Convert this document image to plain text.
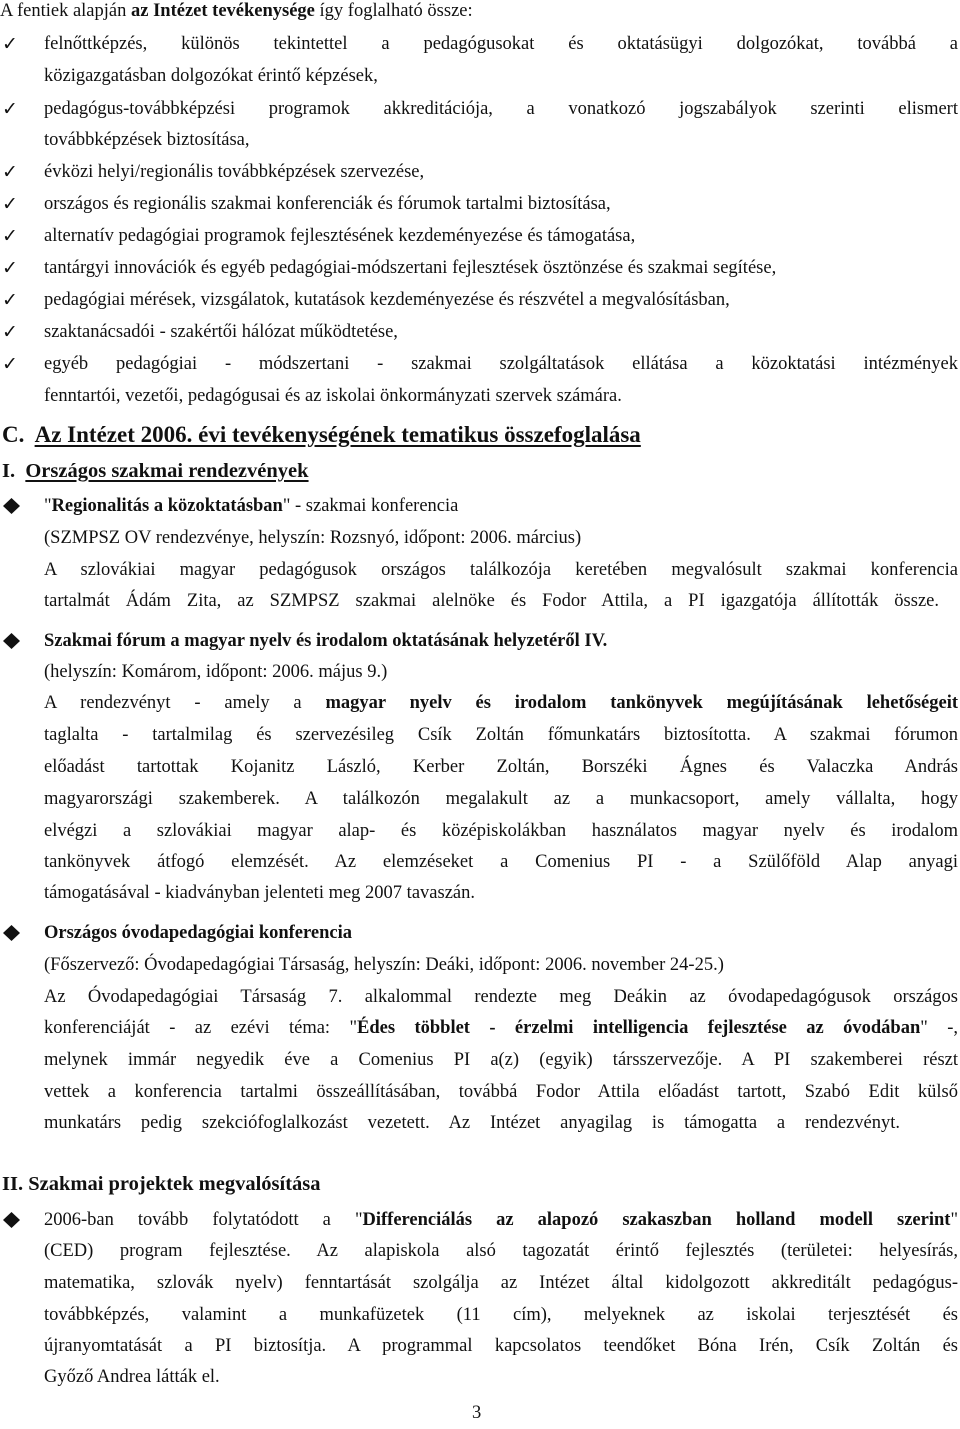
A fentiek alapján az Intézet tevékenysége így foglalható össze:
✓ felnőttképzés, különös tekintettel a pedagógusokat és oktatásügyi dolgozókat, továbbá a
közigazgatásban dolgozókat érintő képzések,
✓ pedagógus-továbbképzési programok akkreditációja, a vonatkozó jogszabályok szerinti elismert
továbbképzések biztosítása,
✓ évközi helyi/regionális továbbképzések szervezése,
✓ országos és regionális szakmai konferenciák és fórumok tartalmi biztosítása,
✓ alternatív pedagógiai programok fejlesztésének kezdeményezése és támogatása,
✓ tantárgyi innovációk és egyéb pedagógiai-módszertani fejlesztések ösztönzése és szakmai segítése,
✓ pedagógiai mérések, vizsgálatok, kutatások kezdeményezése és részvétel a megvalósításban,
✓ szaktanácsadói - szakértői hálózat működtetése,
✓ egyéb pedagógiai - módszertani - szakmai szolgáltatások ellátása a közoktatási intézmények
fenntartói, vezetői, pedagógusai és az iskolai önkormányzati szervek számára.
C. Az Intézet 2006. évi tevékenységének tematikus összefoglalása
I. Országos szakmai rendezvények
"Regionalitás a közoktatásban" - szakmai konferencia
(SZMPSZ OV rendezvénye, helyszín: Rozsnyó, időpont: 2006. március)
A szlovákiai magyar pedagógusok országos találkozója keretében megvalósult szakmai konferencia
tartalmát Ádám Zita, az SZMPSZ szakmai alelnöke és Fodor Attila, a PI igazgatója állították össze.
Szakmai fórum a magyar nyelv és irodalom oktatásának helyzetéről IV.
(helyszín: Komárom, időpont: 2006. május 9.)
A rendezvényt - amely a magyar nyelv és irodalom tankönyvek megújításának lehetőségeit
taglalta - tartalmilag és szervezésileg Csík Zoltán főmunkatárs biztosította. A szakmai fórumon
előadást tartottak Kojanitz László, Kerber Zoltán, Borszéki Ágnes és Valaczka András
magyarországi szakemberek. A találkozón megalakult az a munkacsoport, amely vállalta, hogy
elvégzi a szlovákiai magyar alap- és középiskolákban használatos magyar nyelv és irodalom
tankönyvek átfogó elemzését. Az elemzéseket a Comenius PI - a Szülőföld Alap anyagi
támogatásával - kiadványban jelenteti meg 2007 tavaszán.
Országos óvodapedagógiai konferencia
(Főszervező: Óvodapedagógiai Társaság, helyszín: Deáki, időpont: 2006. november 24-25.)
Az Óvodapedagógiai Társaság 7. alkalommal rendezte meg Deákin az óvodapedagógusok országos
konferenciáját - az ezévi téma: "Édes többlet - érzelmi intelligencia fejlesztése az óvodában" -,
melynek immár negyedik éve a Comenius PI a(z) (egyik) társszervezője. A PI szakemberei részt
vettek a konferencia tartalmi összeállításában, továbbá Fodor Attila előadást tartott, Szabó Edit külső
munkatárs pedig szekciófoglalkozást vezetett. Az Intézet anyagilag is támogatta a rendezvényt.
II. Szakmai projektek megvalósítása
2006-ban tovább folytatódott a "Differenciálás az alapozó szakaszban holland modell szerint"
(CED) program fejlesztése. Az alapiskola alsó tagozatát érintő fejlesztés (területei: helyesírás,
matematika, szlovák nyelv) fenntartását szolgálja az Intézet által kidolgozott akkreditált pedagógus-
továbbképzés, valamint a munkafüzetek (11 cím), melyeknek az iskolai terjesztését és
újranyomtatását a PI biztosítja. A programmal kapcsolatos teendőket Bóna Irén, Csík Zoltán és
Győző Andrea látták el.
3
